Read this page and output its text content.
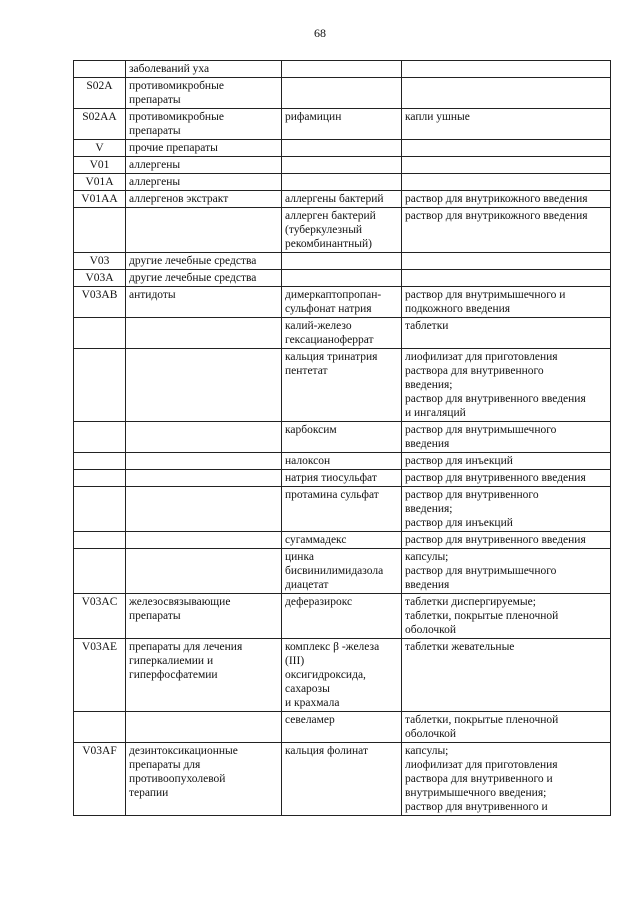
68
	заболеваний уха		
S02A	противомикробные
препараты		
S02AA	противомикробные
препараты	рифамицин	капли ушные
V	прочие препараты		
V01	аллергены		
V01A	аллергены		
V01AA	аллергенов экстракт	аллергены бактерий	раствор для внутрикожного введения
		аллерген бактерий
(туберкулезный
рекомбинантный)	раствор для внутрикожного введения
V03	другие лечебные средства		
V03A	другие лечебные средства		
V03AB	антидоты	димеркаптопропан-
сульфонат натрия	раствор для внутримышечного и
подкожного введения
		калий-железо
гексацианоферрат	таблетки
		кальция тринатрия
пентетат	лиофилизат для приготовления
раствора для внутривенного
введения;
раствор для внутривенного введения
и ингаляций
		карбоксим	раствор для внутримышечного
введения
		налоксон	раствор для инъекций
		натрия тиосульфат	раствор для внутривенного введения
		протамина сульфат	раствор для внутривенного
введения;
раствор для инъекций
		сугаммадекс	раствор для внутривенного введения
		цинка
бисвинилимидазола
диацетат	капсулы;
раствор для внутримышечного
введения
V03AC	железосвязывающие
препараты	деферазирокс	таблетки диспергируемые;
таблетки, покрытые пленочной
оболочкой
V03AE	препараты для лечения
гиперкалиемии и
гиперфосфатемии	комплекс β -железа
(III)
оксигидроксида,
сахарозы
и крахмала	таблетки жевательные
		севеламер	таблетки, покрытые пленочной
оболочкой
V03AF	дезинтоксикационные
препараты для
противоопухолевой
терапии	кальция фолинат	капсулы;
лиофилизат для приготовления
раствора для внутривенного и
внутримышечного введения;
раствор для внутривенного и
